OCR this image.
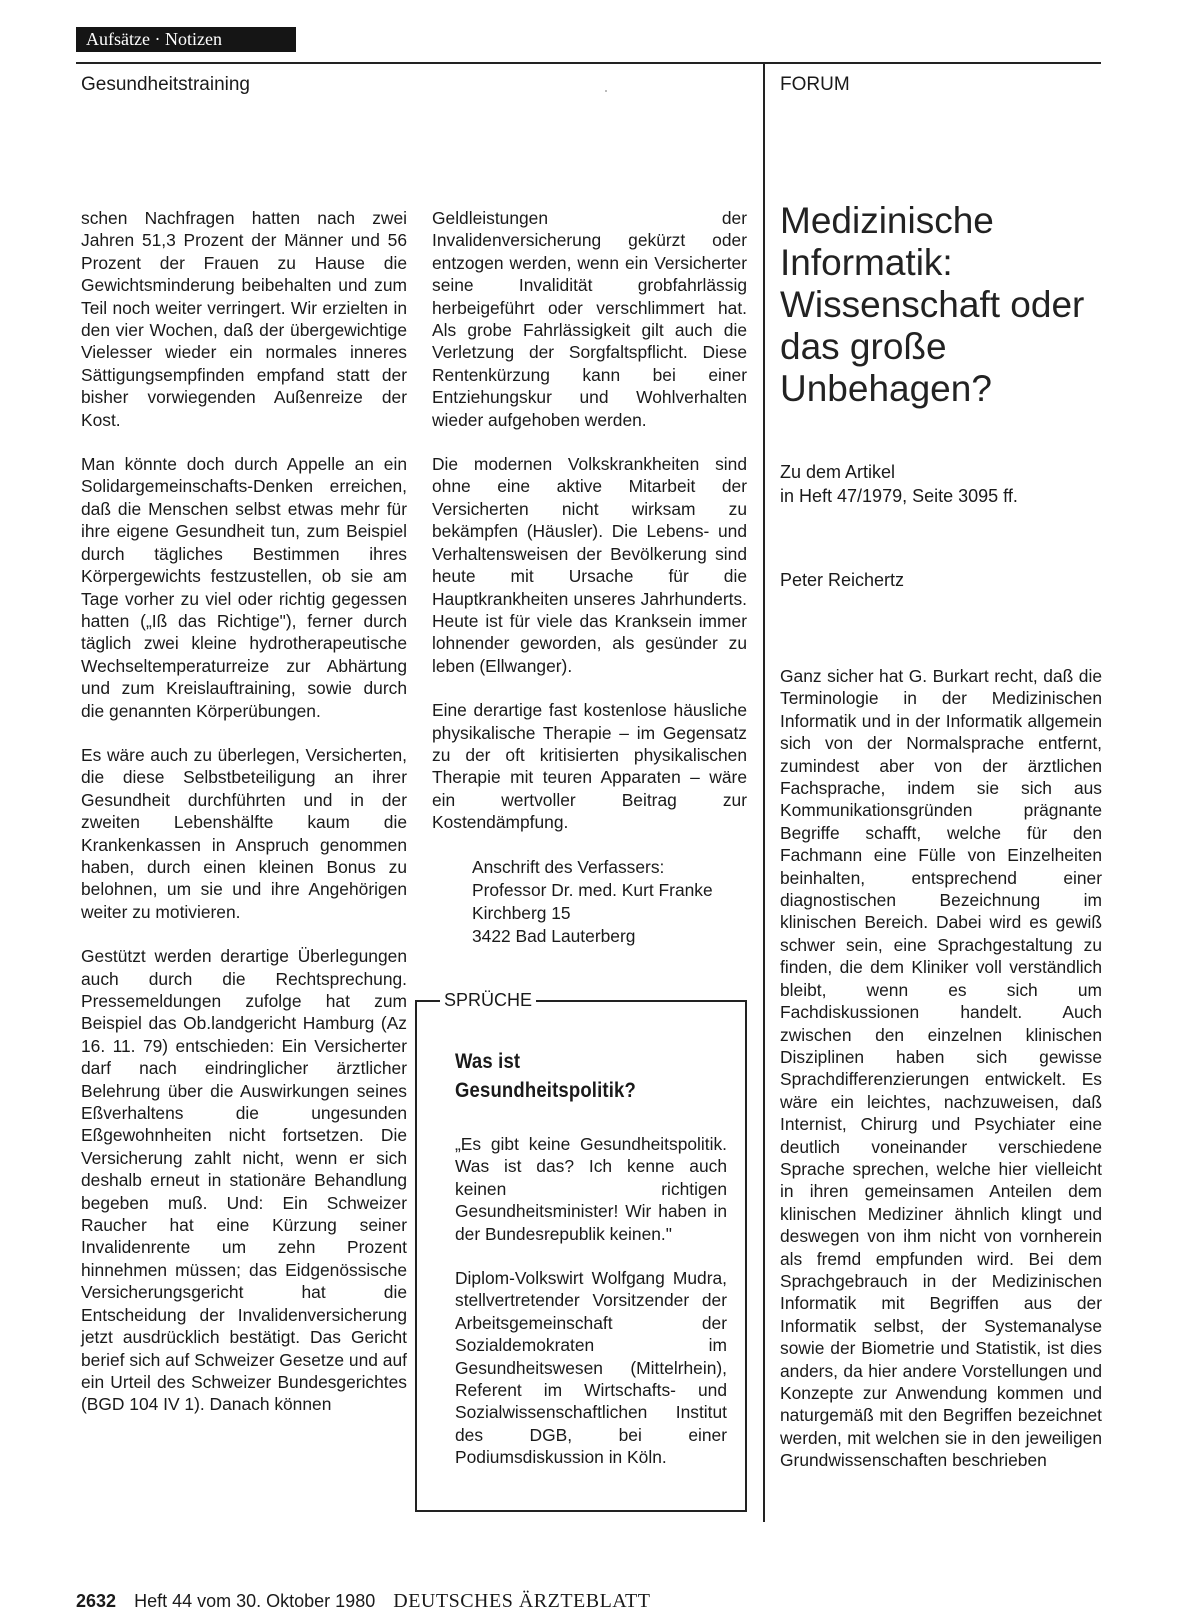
Aufsätze · Notizen
Gesundheitstraining	FORUM

schen Nachfragen hatten nach zwei Jahren 51,3 Prozent der Männer und 56 Prozent der Frauen zu Hause die Gewichtsminderung beibehalten und zum Teil noch weiter verringert. Wir erzielten in den vier Wochen, daß der übergewichtige Vielesser wieder ein normales inneres Sättigungsempfinden empfand statt der bisher vorwiegenden Außenreize der Kost.

Man könnte doch durch Appelle an ein Solidargemeinschafts-Denken erreichen, daß die Menschen selbst etwas mehr für ihre eigene Gesundheit tun, zum Beispiel durch tägliches Bestimmen ihres Körpergewichts festzustellen, ob sie am Tage vorher zu viel oder richtig gegessen hatten („Iß das Richtige"), ferner durch täglich zwei kleine hydrotherapeutische Wechseltemperaturreize zur Abhärtung und zum Kreislauftraining, sowie durch die genannten Körperübungen.

Es wäre auch zu überlegen, Versicherten, die diese Selbstbeteiligung an ihrer Gesundheit durchführten und in der zweiten Lebenshälfte kaum die Krankenkassen in Anspruch genommen haben, durch einen kleinen Bonus zu belohnen, um sie und ihre Angehörigen weiter zu motivieren.

Gestützt werden derartige Überlegungen auch durch die Rechtsprechung. Pressemeldungen zufolge hat zum Beispiel das Ob.landgericht Hamburg (Az 16. 11. 79) entschieden: Ein Versicherter darf nach eindringlicher ärztlicher Belehrung über die Auswirkungen seines Eßverhaltens die ungesunden Eßgewohnheiten nicht fortsetzen. Die Versicherung zahlt nicht, wenn er sich deshalb erneut in stationäre Behandlung begeben muß. Und: Ein Schweizer Raucher hat eine Kürzung seiner Invalidenrente um zehn Prozent hinnehmen müssen; das Eidgenössische Versicherungsgericht hat die Entscheidung der Invalidenversicherung jetzt ausdrücklich bestätigt. Das Gericht berief sich auf Schweizer Gesetze und auf ein Urteil des Schweizer Bundesgerichtes (BGD 104 IV 1). Danach können

Geldleistungen der Invalidenversicherung gekürzt oder entzogen werden, wenn ein Versicherter seine Invalidität grobfahrlässig herbeigeführt oder verschlimmert hat. Als grobe Fahrlässigkeit gilt auch die Verletzung der Sorgfaltspflicht. Diese Rentenkürzung kann bei einer Entziehungskur und Wohlverhalten wieder aufgehoben werden.

Die modernen Volkskrankheiten sind ohne eine aktive Mitarbeit der Versicherten nicht wirksam zu bekämpfen (Häusler). Die Lebens- und Verhaltensweisen der Bevölkerung sind heute mit Ursache für die Hauptkrankheiten unseres Jahrhunderts. Heute ist für viele das Kranksein immer lohnender geworden, als gesünder zu leben (Ellwanger).

Eine derartige fast kostenlose häusliche physikalische Therapie – im Gegensatz zu der oft kritisierten physikalischen Therapie mit teuren Apparaten – wäre ein wertvoller Beitrag zur Kostendämpfung.

Anschrift des Verfassers:
Professor Dr. med. Kurt Franke
Kirchberg 15
3422 Bad Lauterberg
SPRÜCHE
Was ist Gesundheitspolitik?

„Es gibt keine Gesundheitspolitik. Was ist das? Ich kenne auch keinen richtigen Gesundheitsminister! Wir haben in der Bundesrepublik keinen."

Diplom-Volkswirt Wolfgang Mudra, stellvertretender Vorsitzender der Arbeitsgemeinschaft der Sozialdemokraten im Gesundheitswesen (Mittelrhein), Referent im Wirtschafts- und Sozialwissenschaftlichen Institut des DGB, bei einer Podiumsdiskussion in Köln.

Medizinische Informatik: Wissenschaft oder das große Unbehagen?
Zu dem Artikel
in Heft 47/1979, Seite 3095 ff.
Peter Reichertz

Ganz sicher hat G. Burkart recht, daß die Terminologie in der Medizinischen Informatik und in der Informatik allgemein sich von der Normalsprache entfernt, zumindest aber von der ärztlichen Fachsprache, indem sie sich aus Kommunikationsgründen prägnante Begriffe schafft, welche für den Fachmann eine Fülle von Einzelheiten beinhalten, entsprechend einer diagnostischen Bezeichnung im klinischen Bereich. Dabei wird es gewiß schwer sein, eine Sprachgestaltung zu finden, die dem Kliniker voll verständlich bleibt, wenn es sich um Fachdiskussionen handelt. Auch zwischen den einzelnen klinischen Disziplinen haben sich gewisse Sprachdifferenzierungen entwickelt. Es wäre ein leichtes, nachzuweisen, daß Internist, Chirurg und Psychiater eine deutlich voneinander verschiedene Sprache sprechen, welche hier vielleicht in ihren gemeinsamen Anteilen dem klinischen Mediziner ähnlich klingt und deswegen von ihm nicht von vornherein als fremd empfunden wird. Bei dem Sprachgebrauch in der Medizinischen Informatik mit Begriffen aus der Informatik selbst, der Systemanalyse sowie der Biometrie und Statistik, ist dies anders, da hier andere Vorstellungen und Konzepte zur Anwendung kommen und naturgemäß mit den Begriffen bezeichnet werden, mit welchen sie in den jeweiligen Grundwissenschaften beschrieben

2632 Heft 44 vom 30. Oktober 1980 DEUTSCHES ÄRZTEBLATT
